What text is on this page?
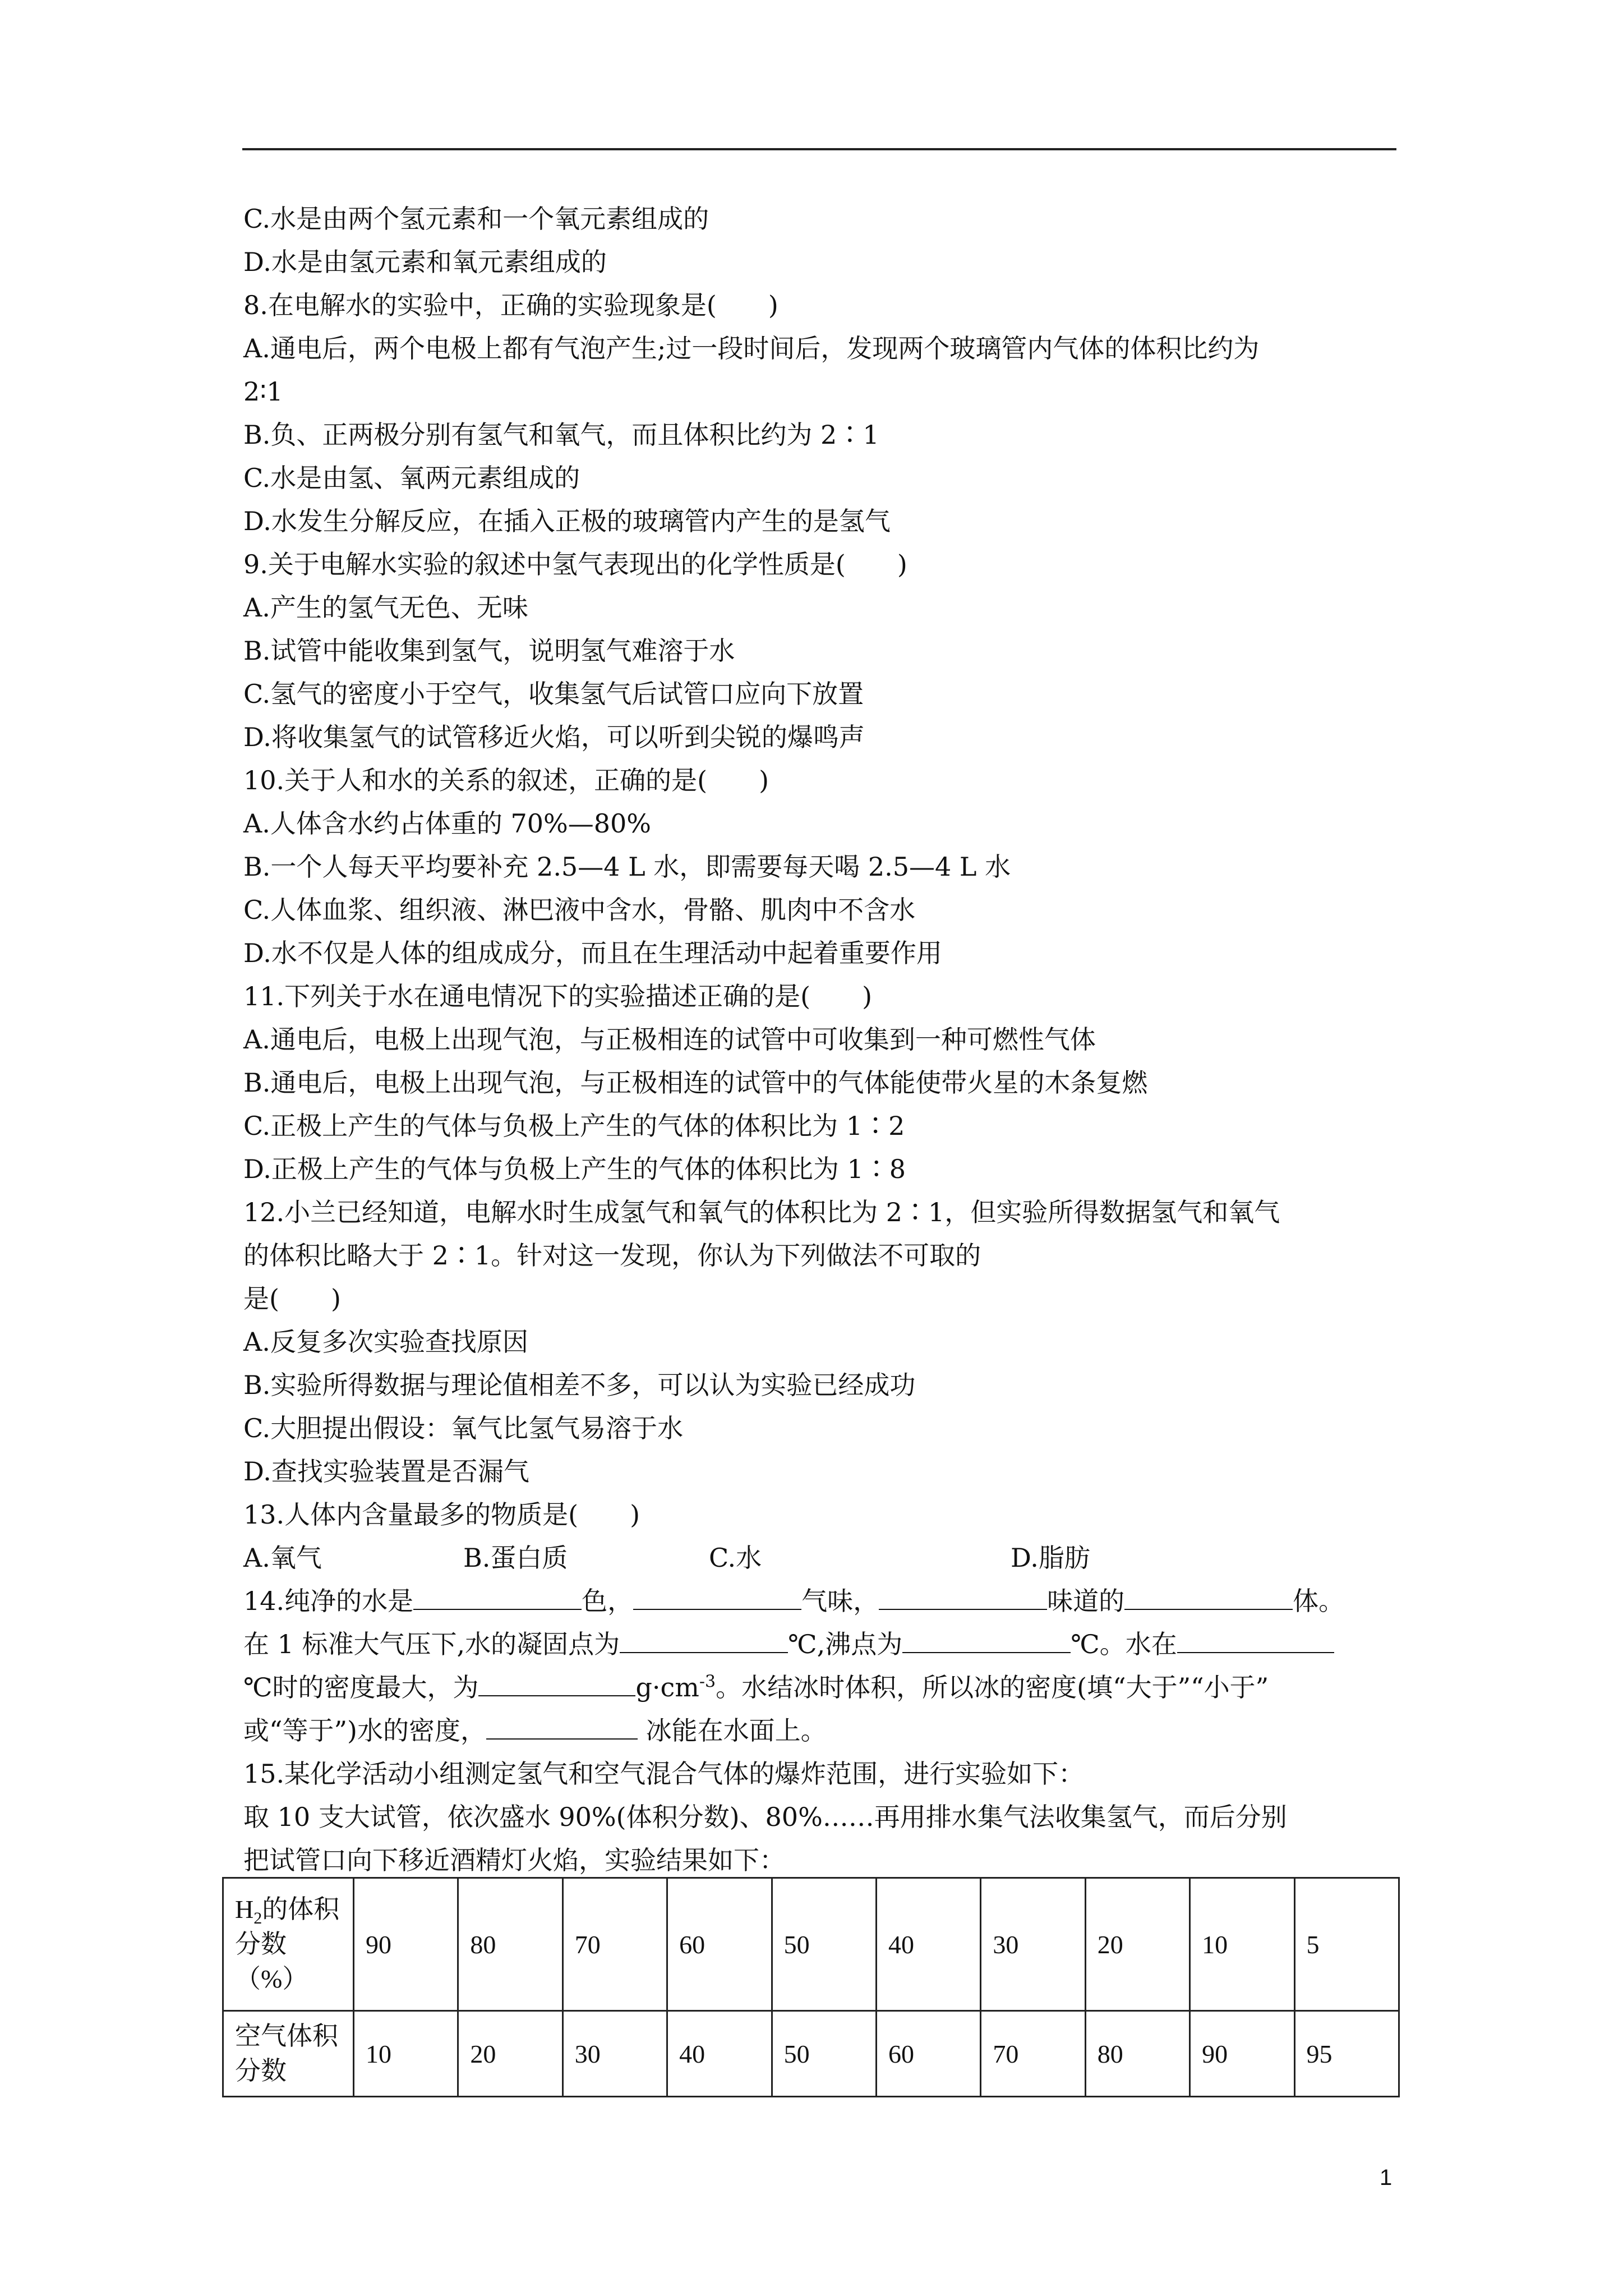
C.水是由两个氢元素和一个氧元素组成的
D.水是由氢元素和氧元素组成的
8.在电解水的实验中，正确的实验现象是(　　)
A.通电后，两个电极上都有气泡产生;过一段时间后，发现两个玻璃管内气体的体积比约为
2∶1
B.负、正两极分别有氢气和氧气，而且体积比约为 2∶1
C.水是由氢、氧两元素组成的
D.水发生分解反应，在插入正极的玻璃管内产生的是氢气
9.关于电解水实验的叙述中氢气表现出的化学性质是(　　)
A.产生的氢气无色、无味
B.试管中能收集到氢气，说明氢气难溶于水
C.氢气的密度小于空气，收集氢气后试管口应向下放置
D.将收集氢气的试管移近火焰，可以听到尖锐的爆鸣声
10.关于人和水的关系的叙述，正确的是(　　)
A.人体含水约占体重的 70%—80%
B.一个人每天平均要补充 2.5—4 L 水，即需要每天喝 2.5—4 L 水
C.人体血浆、组织液、淋巴液中含水，骨骼、肌肉中不含水
D.水不仅是人体的组成成分，而且在生理活动中起着重要作用
11.下列关于水在通电情况下的实验描述正确的是(　　)
A.通电后，电极上出现气泡，与正极相连的试管中可收集到一种可燃性气体
B.通电后，电极上出现气泡，与正极相连的试管中的气体能使带火星的木条复燃
C.正极上产生的气体与负极上产生的气体的体积比为 1∶2
D.正极上产生的气体与负极上产生的气体的体积比为 1∶8
12.小兰已经知道，电解水时生成氢气和氧气的体积比为 2∶1，但实验所得数据氢气和氧气
的体积比略大于 2∶1。针对这一发现，你认为下列做法不可取的
是(　　)
A.反复多次实验查找原因
B.实验所得数据与理论值相差不多，可以认为实验已经成功
C.大胆提出假设：氧气比氢气易溶于水
D.查找实验装置是否漏气
13.人体内含量最多的物质是(　　)
A.氧气	B.蛋白质	C.水	D.脂肪
14.纯净的水是	色，	气味，	味道的	体。
在 1 标准大气压下,水的凝固点为	℃,沸点为	℃。水在
℃时的密度最大，为	$g\cdot cm^{-3}$。水结冰时体积，所以冰的密度(填“大于”“小于”
或“等于”)水的密度，	冰能在水面上。
15.某化学活动小组测定氢气和空气混合气体的爆炸范围，进行实验如下：
取 10 支大试管，依次盛水 90%(体积分数)、80%……再用排水集气法收集氢气，而后分别
把试管口向下移近酒精灯火焰，实验结果如下：
$H_2$的体积分数（%）	90	80	70	60	50	40	30	20	10	5
空气体积分数	10	20	30	40	50	60	70	80	90	95
1
